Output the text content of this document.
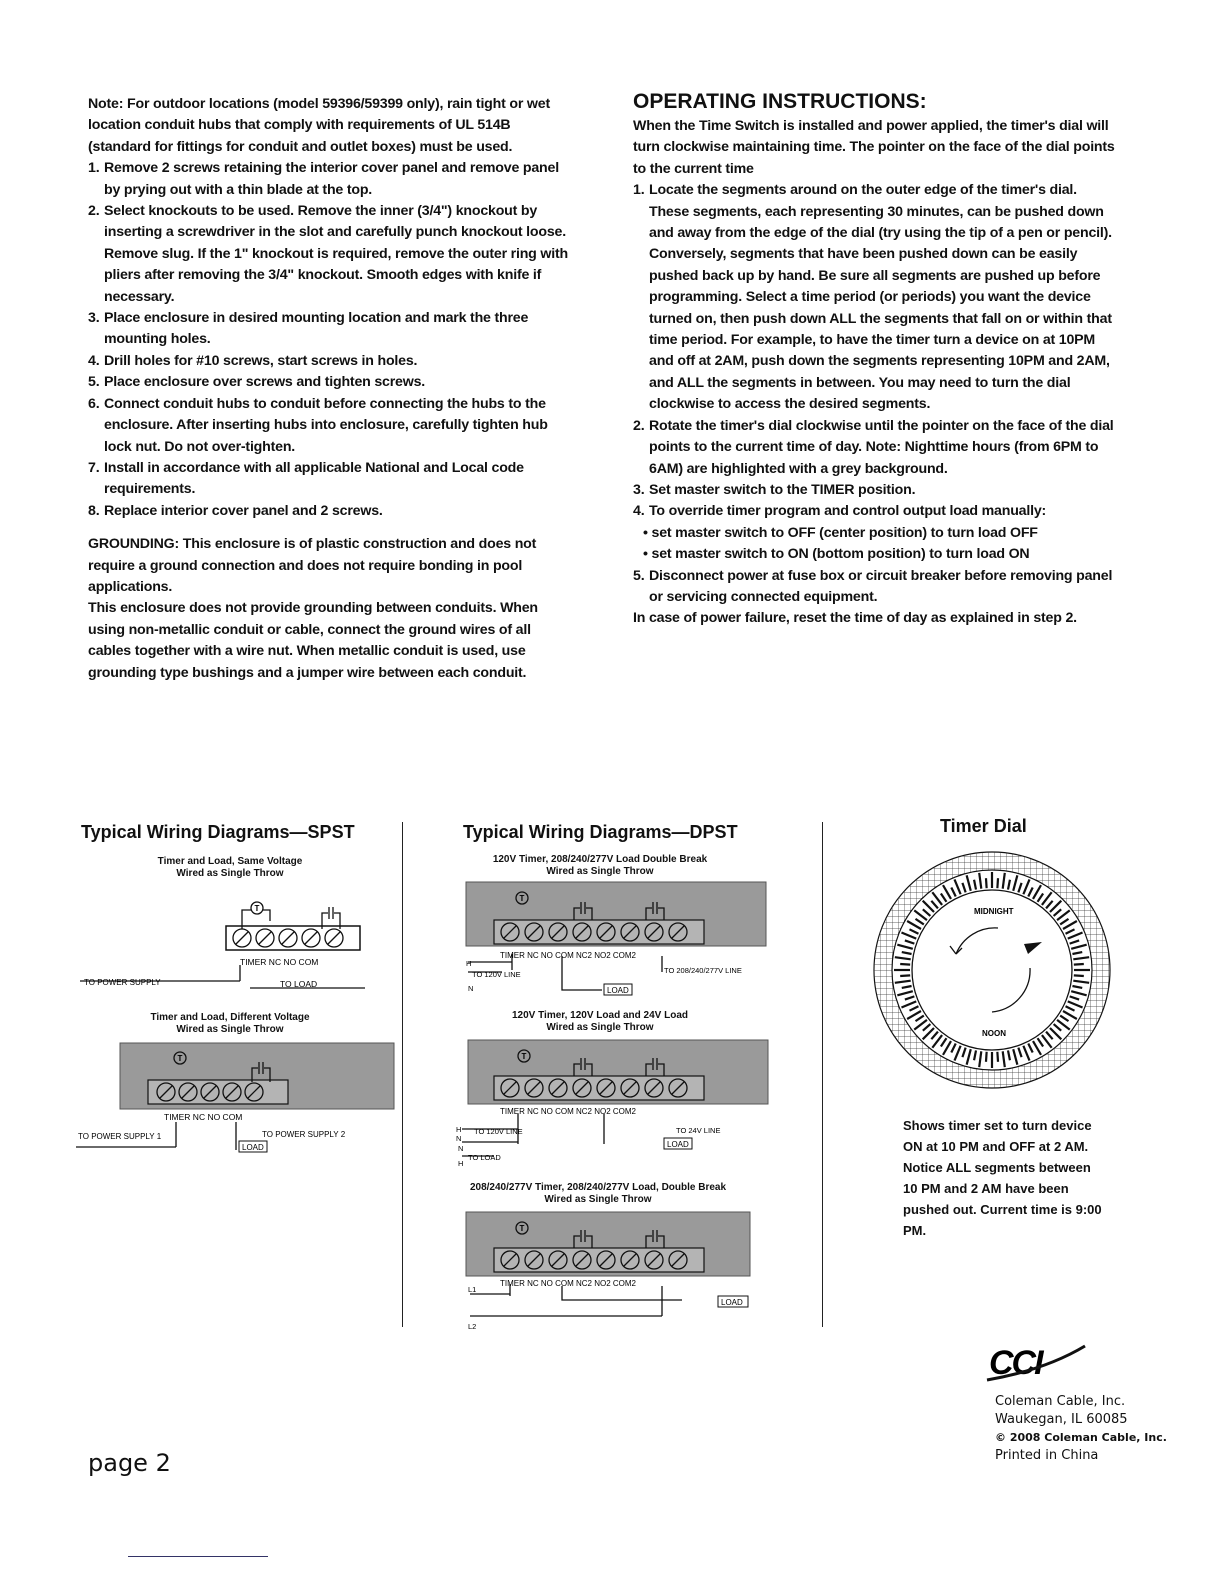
Note: For outdoor locations (model 59396/59399 only), rain tight or wet location conduit hubs that comply with requirements of UL 514B (standard for fittings for conduit and outlet boxes) must be used.

1. Remove 2 screws retaining the interior cover panel and remove panel by prying out with a thin blade at the top.
2. Select knockouts to be used. Remove the inner (3/4") knockout by inserting a screwdriver in the slot and carefully punch knockout loose. Remove slug. If the 1" knockout is required, remove the outer ring with pliers after removing the 3/4" knockout. Smooth edges with knife if necessary.
3. Place enclosure in desired mounting location and mark the three mounting holes.
4. Drill holes for #10 screws, start screws in holes.
5. Place enclosure over screws and tighten screws.
6. Connect conduit hubs to conduit before connecting the hubs to the enclosure. After inserting hubs into enclosure, carefully tighten hub lock nut. Do not over-tighten.
7. Install in accordance with all applicable National and Local code requirements.
8. Replace interior cover panel and 2 screws.

GROUNDING: This enclosure is of plastic construction and does not require a ground connection and does not require bonding in pool applications.

This enclosure does not provide grounding between conduits. When using non-metallic conduit or cable, connect the ground wires of all cables together with a wire nut. When metallic conduit is used, use grounding type bushings and a jumper wire between each conduit.

OPERATING INSTRUCTIONS:

When the Time Switch is installed and power applied, the timer's dial will turn clockwise maintaining time. The pointer on the face of the dial points to the current time

1. Locate the segments around on the outer edge of the timer's dial. These segments, each representing 30 minutes, can be pushed down and away from the edge of the dial (try using the tip of a pen or pencil). Conversely, segments that have been pushed down can be easily pushed back up by hand. Be sure all segments are pushed up before programming. Select a time period (or periods) you want the device turned on, then push down ALL the segments that fall on or within that time period. For example, to have the timer turn a device on at 10PM and off at 2AM, push down the segments representing 10PM and 2AM, and ALL the segments in between. You may need to turn the dial clockwise to access the desired segments.
2. Rotate the timer's dial clockwise until the pointer on the face of the dial points to the current time of day. Note: Nighttime hours (from 6PM to 6AM) are highlighted with a grey background.
3. Set master switch to the TIMER position.
4. To override timer program and control output load manually:
• set master switch to OFF (center position) to turn load OFF
• set master switch to ON (bottom position) to turn load ON
5. Disconnect power at fuse box or circuit breaker before removing panel or servicing connected equipment.

In case of power failure, reset the time of day as explained in step 2.

Typical Wiring Diagrams—SPST
Timer and Load, Same Voltage
Wired as Single Throw
T
TIMER NC NO COM
TO POWER SUPPLY	TO LOAD
Timer and Load, Different Voltage
Wired as Single Throw
T
TIMER NC NO COM
TO POWER SUPPLY 1	TO POWER SUPPLY 2
LOAD
Typical Wiring Diagrams—DPST
120V Timer, 208/240/277V Load Double Break
Wired as Single Throw
T
TIMER NC NO COM NC2 NO2 COM2
H
TO 120V LINE
N
TO 208/240/277V LINE
LOAD
120V Timer, 120V Load and 24V Load
Wired as Single Throw
T
TIMER NC NO COM NC2 NO2 COM2
H TO 120V LINE
N
N
TO LOAD
H
TO 24V LINE
LOAD
208/240/277V Timer, 208/240/277V Load, Double Break
Wired as Single Throw
T
TIMER NC NO COM NC2 NO2 COM2
L1
L2
LOAD
Timer Dial
MIDNIGHT
NOON
Shows timer set to turn device
ON at 10 PM and OFF at 2 AM.
Notice ALL segments between
10 PM and 2 AM have been
pushed out. Current time is 9:00 PM.
CCI
Coleman Cable, Inc.
Waukegan, IL 60085
© 2008 Coleman Cable, Inc.
Printed in China
page 2
